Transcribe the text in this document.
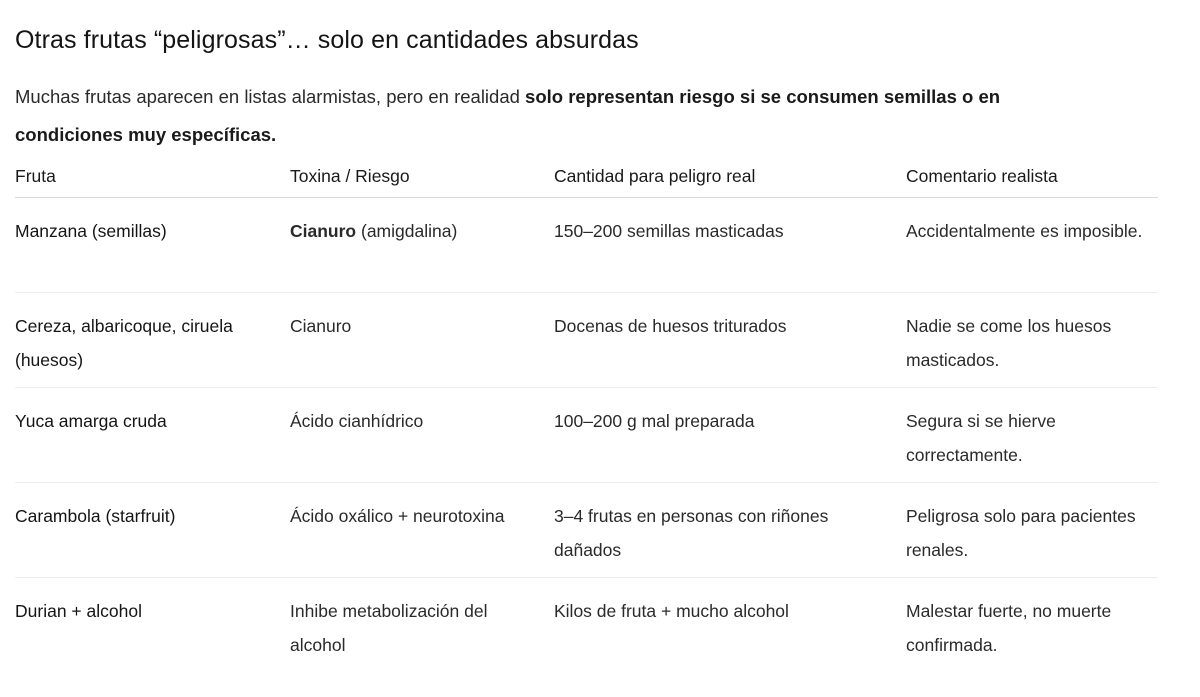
Otras frutas “peligrosas”… solo en cantidades absurdas

Muchas frutas aparecen en listas alarmistas, pero en realidad solo representan riesgo si se consumen semillas o en condiciones muy específicas.

Fruta	Toxina / Riesgo	Cantidad para peligro real	Comentario realista
Manzana (semillas)	Cianuro (amigdalina)	150–200 semillas masticadas	Accidentalmente es imposible.
Cereza, albaricoque, ciruela (huesos)	Cianuro	Docenas de huesos triturados	Nadie se come los huesos masticados.
Yuca amarga cruda	Ácido cianhídrico	100–200 g mal preparada	Segura si se hierve correctamente.
Carambola (starfruit)	Ácido oxálico + neurotoxina	3–4 frutas en personas con riñones dañados	Peligrosa solo para pacientes renales.
Durian + alcohol	Inhibe metabolización del alcohol	Kilos de fruta + mucho alcohol	Malestar fuerte, no muerte confirmada.
